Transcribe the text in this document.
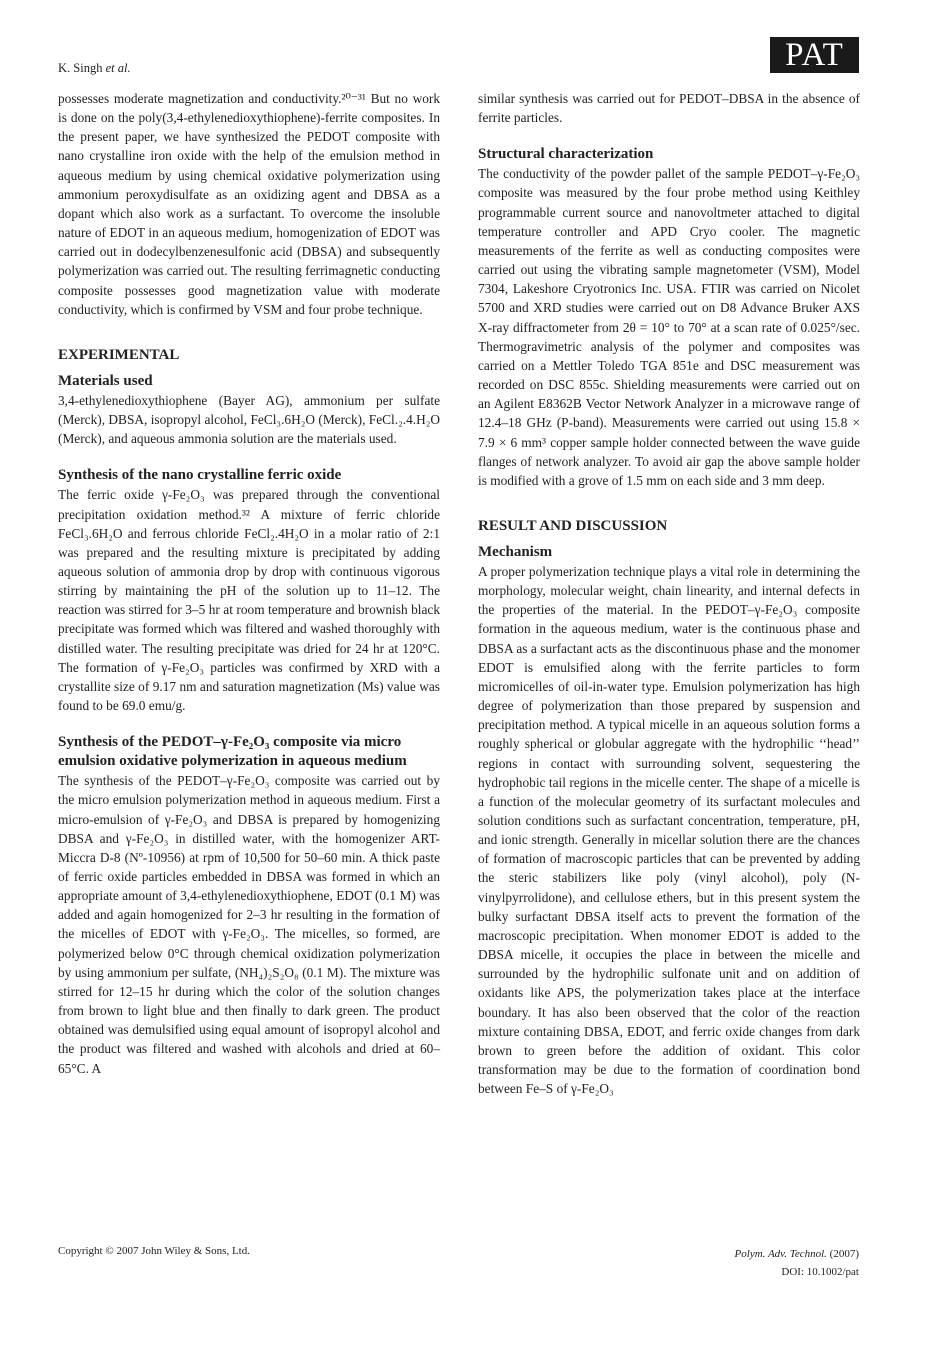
K. Singh et al.	PAT

possesses moderate magnetization and conductivity.²⁰⁻³¹ But no work is done on the poly(3,4-ethylenedioxythiophene)-ferrite composites. In the present paper, we have synthesized the PEDOT composite with nano crystalline iron oxide with the help of the emulsion method in aqueous medium by using chemical oxidative polymerization using ammonium peroxydisulfate as an oxidizing agent and DBSA as a dopant which also work as a surfactant. To overcome the insoluble nature of EDOT in an aqueous medium, homogenization of EDOT was carried out in dodecylbenzenesulfonic acid (DBSA) and subsequently polymerization was carried out. The resulting ferrimagnetic conducting composite possesses good magnetization value with moderate conductivity, which is confirmed by VSM and four probe technique.

EXPERIMENTAL
Materials used

3,4-ethylenedioxythiophene (Bayer AG), ammonium per sulfate (Merck), DBSA, isopropyl alcohol, FeCl₃.6H₂O (Merck), FeCl.₂.4.H₂O (Merck), and aqueous ammonia solution are the materials used.

Synthesis of the nano crystalline ferric oxide

The ferric oxide γ-Fe₂O₃ was prepared through the conventional precipitation oxidation method.³² A mixture of ferric chloride FeCl₃.6H₂O and ferrous chloride FeCl₂.4H₂O in a molar ratio of 2:1 was prepared and the resulting mixture is precipitated by adding aqueous solution of ammonia drop by drop with continuous vigorous stirring by maintaining the pH of the solution up to 11–12. The reaction was stirred for 3–5 hr at room temperature and brownish black precipitate was formed which was filtered and washed thoroughly with distilled water. The resulting precipitate was dried for 24 hr at 120°C. The formation of γ-Fe₂O₃ particles was confirmed by XRD with a crystallite size of 9.17 nm and saturation magnetization (Ms) value was found to be 69.0 emu/g.

Synthesis of the PEDOT–γ-Fe₂O₃ composite via micro emulsion oxidative polymerization in aqueous medium

The synthesis of the PEDOT–γ-Fe₂O₃ composite was carried out by the micro emulsion polymerization method in aqueous medium. First a micro-emulsion of γ-Fe₂O₃ and DBSA is prepared by homogenizing DBSA and γ-Fe₂O₃ in distilled water, with the homogenizer ART-Miccra D-8 (Nº-10956) at rpm of 10,500 for 50–60 min. A thick paste of ferric oxide particles embedded in DBSA was formed in which an appropriate amount of 3,4-ethylenedioxythiophene, EDOT (0.1 M) was added and again homogenized for 2–3 hr resulting in the formation of the micelles of EDOT with γ-Fe₂O₃. The micelles, so formed, are polymerized below 0°C through chemical oxidization polymerization by using ammonium per sulfate, (NH₄)₂S₂O₈ (0.1 M). The mixture was stirred for 12–15 hr during which the color of the solution changes from brown to light blue and then finally to dark green. The product obtained was demulsified using equal amount of isopropyl alcohol and the product was filtered and washed with alcohols and dried at 60–65°C. A

similar synthesis was carried out for PEDOT–DBSA in the absence of ferrite particles.

Structural characterization

The conductivity of the powder pallet of the sample PEDOT–γ-Fe₂O₃ composite was measured by the four probe method using Keithley programmable current source and nanovoltmeter attached to digital temperature controller and APD Cryo cooler. The magnetic measurements of the ferrite as well as conducting composites were carried out using the vibrating sample magnetometer (VSM), Model 7304, Lakeshore Cryotronics Inc. USA. FTIR was carried on Nicolet 5700 and XRD studies were carried out on D8 Advance Bruker AXS X-ray diffractometer from 2θ = 10° to 70° at a scan rate of 0.025°/sec. Thermogravimetric analysis of the polymer and composites was carried on a Mettler Toledo TGA 851e and DSC measurement was recorded on DSC 855c. Shielding measurements were carried out on an Agilent E8362B Vector Network Analyzer in a microwave range of 12.4–18 GHz (P-band). Measurements were carried out using 15.8 × 7.9 × 6 mm³ copper sample holder connected between the wave guide flanges of network analyzer. To avoid air gap the above sample holder is modified with a grove of 1.5 mm on each side and 3 mm deep.

RESULT AND DISCUSSION
Mechanism

A proper polymerization technique plays a vital role in determining the morphology, molecular weight, chain linearity, and internal defects in the properties of the material. In the PEDOT–γ-Fe₂O₃ composite formation in the aqueous medium, water is the continuous phase and DBSA as a surfactant acts as the discontinuous phase and the monomer EDOT is emulsified along with the ferrite particles to form micromicelles of oil-in-water type. Emulsion polymerization has high degree of polymerization than those prepared by suspension and precipitation method. A typical micelle in an aqueous solution forms a roughly spherical or globular aggregate with the hydrophilic ‘‘head’’ regions in contact with surrounding solvent, sequestering the hydrophobic tail regions in the micelle center. The shape of a micelle is a function of the molecular geometry of its surfactant molecules and solution conditions such as surfactant concentration, temperature, pH, and ionic strength. Generally in micellar solution there are the chances of formation of macroscopic particles that can be prevented by adding the steric stabilizers like poly (vinyl alcohol), poly (N-vinylpyrrolidone), and cellulose ethers, but in this present system the bulky surfactant DBSA itself acts to prevent the formation of the macroscopic precipitation. When monomer EDOT is added to the DBSA micelle, it occupies the place in between the micelle and surrounded by the hydrophilic sulfonate unit and on addition of oxidants like APS, the polymerization takes place at the interface boundary. It has also been observed that the color of the reaction mixture containing DBSA, EDOT, and ferric oxide changes from dark brown to green before the addition of oxidant. This color transformation may be due to the formation of coordination bond between Fe–S of γ-Fe₂O₃

Copyright © 2007 John Wiley & Sons, Ltd.	Polym. Adv. Technol. (2007)
DOI: 10.1002/pat
